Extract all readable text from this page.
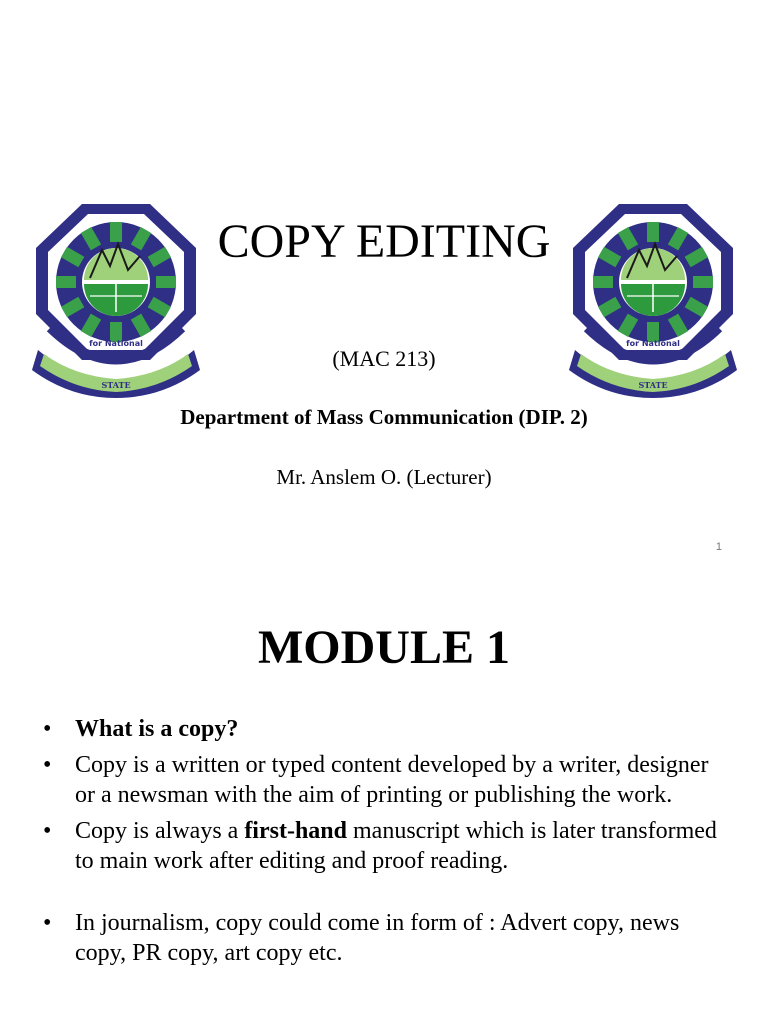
for National
STATE
for National
STATE
COPY EDITING
(MAC 213)
Department of Mass Communication (DIP. 2)
Mr. Anslem O. (Lecturer)
1
MODULE 1
• What is a copy?
• Copy is a written or typed content developed by a writer, designer or a newsman with the aim of printing or publishing the work.
• Copy is always a first-hand manuscript which is later transformed to main work after editing and proof reading.
• In journalism, copy could come in form of : Advert copy, news copy, PR copy, art copy etc.
